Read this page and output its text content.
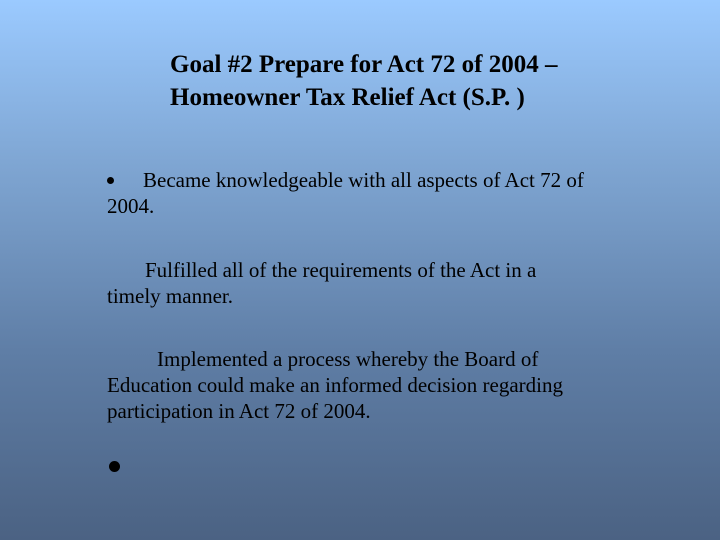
Goal #2 Prepare for Act 72 of 2004 –
Homeowner Tax Relief Act (S.P. )
Became knowledgeable with all aspects of Act 72 of
2004.
Fulfilled all of the requirements of the Act in a
timely manner.
Implemented a process whereby the Board of
Education could make an informed decision regarding
participation in Act 72 of 2004.
